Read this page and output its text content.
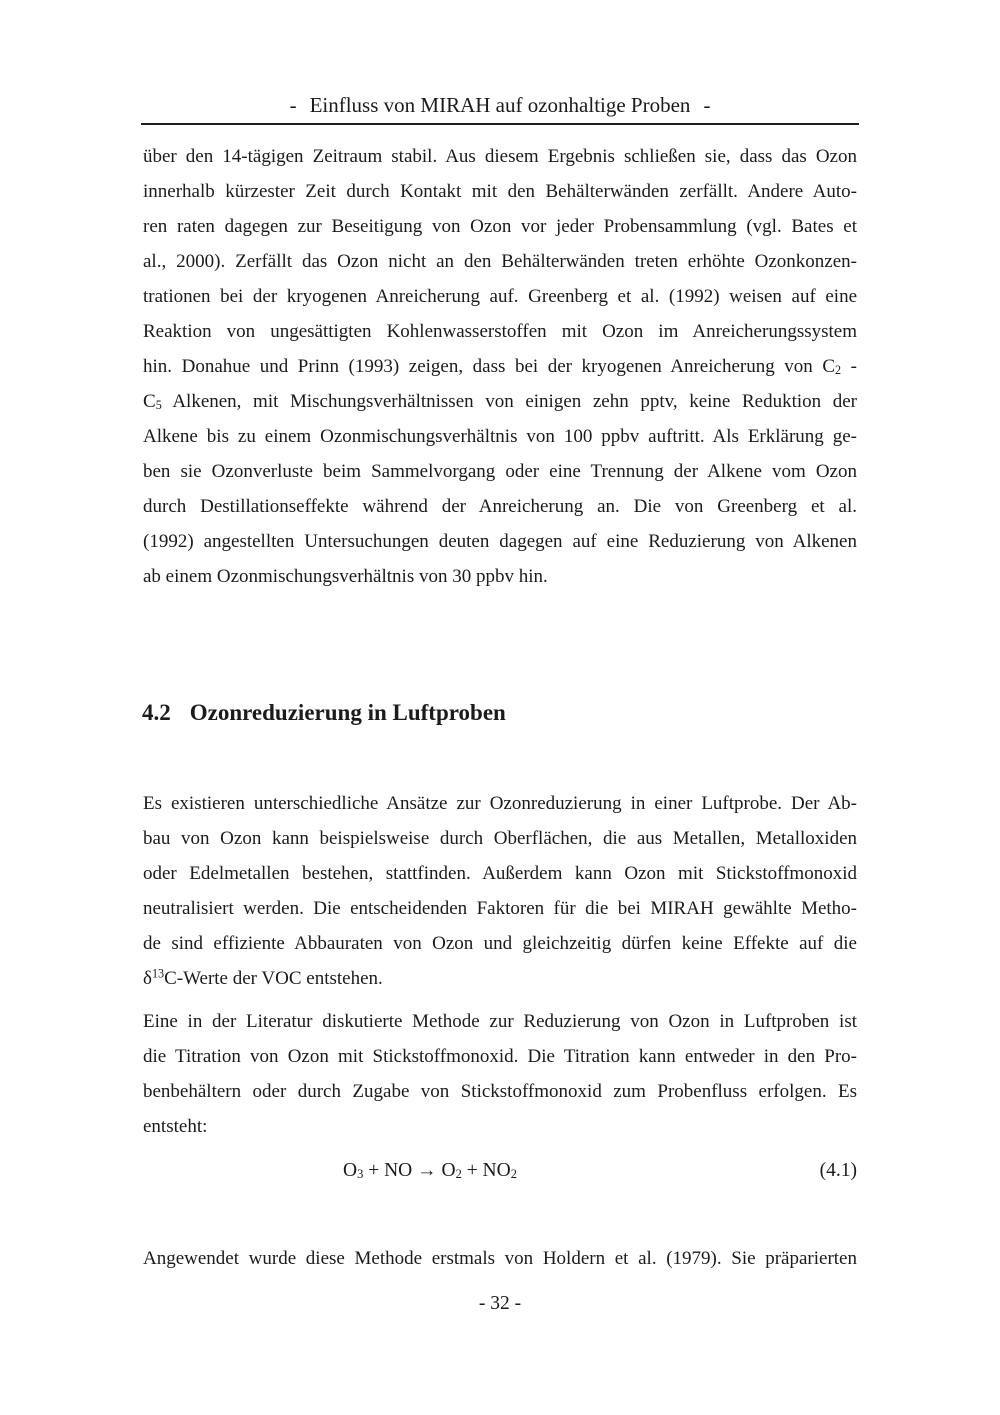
- Einfluss von MIRAH auf ozonhaltige Proben -
über den 14-tägigen Zeitraum stabil. Aus diesem Ergebnis schließen sie, dass das Ozon
innerhalb kürzester Zeit durch Kontakt mit den Behälterwänden zerfällt. Andere Auto-
ren raten dagegen zur Beseitigung von Ozon vor jeder Probensammlung (vgl. Bates et
al., 2000). Zerfällt das Ozon nicht an den Behälterwänden treten erhöhte Ozonkonzen-
trationen bei der kryogenen Anreicherung auf. Greenberg et al. (1992) weisen auf eine
Reaktion von ungesättigten Kohlenwasserstoffen mit Ozon im Anreicherungssystem
hin. Donahue und Prinn (1993) zeigen, dass bei der kryogenen Anreicherung von $C_2$ -
$C_5$ Alkenen, mit Mischungsverhältnissen von einigen zehn pptv, keine Reduktion der
Alkene bis zu einem Ozonmischungsverhältnis von 100 ppbv auftritt. Als Erklärung ge-
ben sie Ozonverluste beim Sammelvorgang oder eine Trennung der Alkene vom Ozon
durch Destillationseffekte während der Anreicherung an. Die von Greenberg et al.
(1992) angestellten Untersuchungen deuten dagegen auf eine Reduzierung von Alkenen
ab einem Ozonmischungsverhältnis von 30 ppbv hin.
4.2 Ozonreduzierung in Luftproben
Es existieren unterschiedliche Ansätze zur Ozonreduzierung in einer Luftprobe. Der Ab-
bau von Ozon kann beispielsweise durch Oberflächen, die aus Metallen, Metalloxiden
oder Edelmetallen bestehen, stattfinden. Außerdem kann Ozon mit Stickstoffmonoxid
neutralisiert werden. Die entscheidenden Faktoren für die bei MIRAH gewählte Metho-
de sind effiziente Abbauraten von Ozon und gleichzeitig dürfen keine Effekte auf die
$\delta^{13}C$-Werte der VOC entstehen.
Eine in der Literatur diskutierte Methode zur Reduzierung von Ozon in Luftproben ist
die Titration von Ozon mit Stickstoffmonoxid. Die Titration kann entweder in den Pro-
benbehältern oder durch Zugabe von Stickstoffmonoxid zum Probenfluss erfolgen. Es
entsteht:
$O_3$ + NO → $O_2 + NO_2$	(4.1)
Angewendet wurde diese Methode erstmals von Holdern et al. (1979). Sie präparierten
- 32 -
